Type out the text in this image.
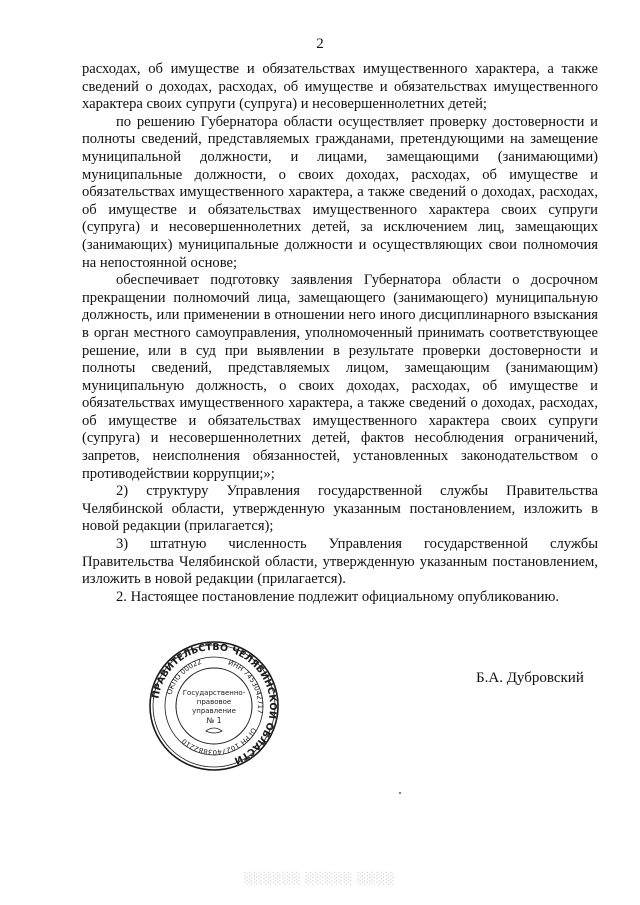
2

расходах, об имуществе и обязательствах имущественного характера, а также сведений о доходах, расходах, об имуществе и обязательствах имущественного характера своих супруги (супруга) и несовершеннолетних детей;

по решению Губернатора области осуществляет проверку достоверности и полноты сведений, представляемых гражданами, претендующими на замещение муниципальной должности, и лицами, замещающими (занимающими) муниципальные должности, о своих доходах, расходах, об имуществе и обязательствах имущественного характера, а также сведений о доходах, расходах, об имуществе и обязательствах имущественного характера своих супруги (супруга) и несовершеннолетних детей, за исключением лиц, замещающих (занимающих) муниципальные должности и осуществляющих свои полномочия на непостоянной основе;

обеспечивает подготовку заявления Губернатора области о досрочном прекращении полномочий лица, замещающего (занимающего) муниципальную должность, или применении в отношении него иного дисциплинарного взыскания в орган местного самоуправления, уполномоченный принимать соответствующее решение, или в суд при выявлении в результате проверки достоверности и полноты сведений, представляемых лицом, замещающим (занимающим) муниципальную должность, о своих доходах, расходах, об имуществе и обязательствах имущественного характера, а также сведений о доходах, расходах, об имуществе и обязательствах имущественного характера своих супруги (супруга) и несовершеннолетних детей, фактов несоблюдения ограничений, запретов, неисполнения обязанностей, установленных законодательством о противодействии коррупции;»;

2) структуру Управления государственной службы Правительства Челябинской области, утвержденную указанным постановлением, изложить в новой редакции (прилагается);

3) штатную численность Управления государственной службы Правительства Челябинской области, утвержденную указанным постановлением, изложить в новой редакции (прилагается).

2. Настоящее постановление подлежит официальному опубликованию.

ПРАВИТЕЛЬСТВО ЧЕЛЯБИНСКОЙ ОБЛАСТИ
ОГРН 1027403882210
ОКПО 00022	ИНН 7453042717
Государственно-
правовое
управление
№ 1
Б.А. Дубровский
░░░░░░ ░░░░░ ░░░░
